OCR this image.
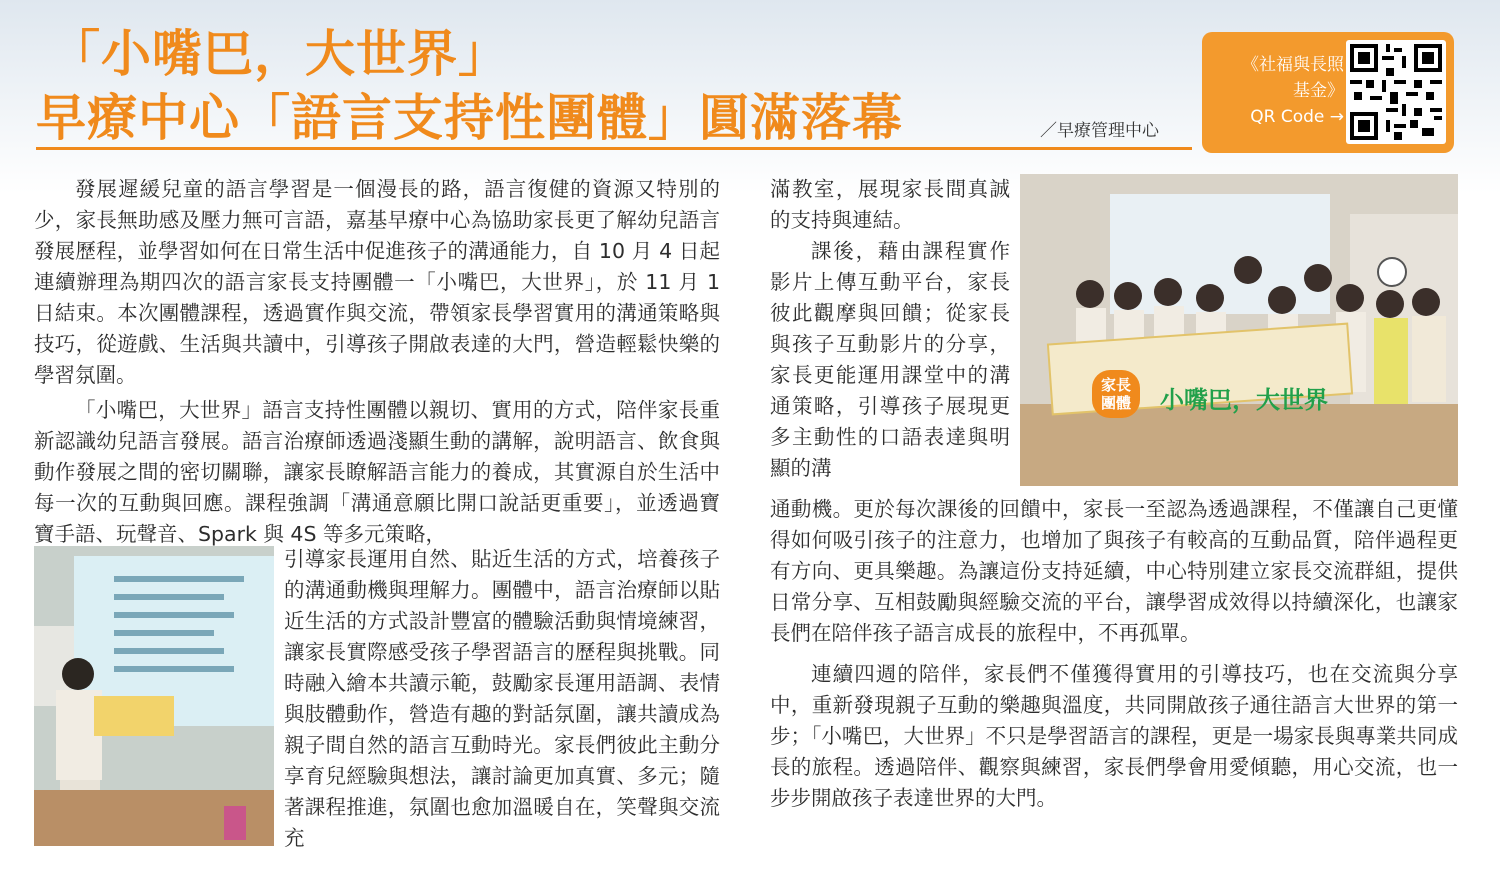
「小嘴巴，大世界」
早療中心「語言支持性團體」圓滿落幕	／早療管理中心
《社福與長照
基金》
QR Code →

發展遲緩兒童的語言學習是一個漫長的路，語言復健的資源又特別的少，家長無助感及壓力無可言語，嘉基早療中心為協助家長更了解幼兒語言發展歷程，並學習如何在日常生活中促進孩子的溝通能力，自 10 月 4 日起連續辦理為期四次的語言家長支持團體一「小嘴巴，大世界」，於 11 月 1 日結束。本次團體課程，透過實作與交流，帶領家長學習實用的溝通策略與技巧，從遊戲、生活與共讀中，引導孩子開啟表達的大門，營造輕鬆快樂的學習氛圍。

「小嘴巴，大世界」語言支持性團體以親切、實用的方式，陪伴家長重新認識幼兒語言發展。語言治療師透過淺顯生動的講解，說明語言、飲食與動作發展之間的密切關聯，讓家長瞭解語言能力的養成，其實源自於生活中每一次的互動與回應。課程強調「溝通意願比開口說話更重要」，並透過寶寶手語、玩聲音、Spark 與 4S 等多元策略，

引導家長運用自然、貼近生活的方式，培養孩子的溝通動機與理解力。團體中，語言治療師以貼近生活的方式設計豐富的體驗活動與情境練習，讓家長實際感受孩子學習語言的歷程與挑戰。同時融入繪本共讀示範，鼓勵家長運用語調、表情與肢體動作，營造有趣的對話氛圍，讓共讀成為親子間自然的語言互動時光。家長們彼此主動分享育兒經驗與想法，讓討論更加真實、多元；隨著課程推進，氛圍也愈加溫暖自在，笑聲與交流充

滿教室，展現家長間真誠的支持與連結。

課後，藉由課程實作影片上傳互動平台，家長彼此觀摩與回饋；從家長與孩子互動影片的分享，家長更能運用課堂中的溝通策略，引導孩子展現更多主動性的口語表達與明顯的溝

通動機。更於每次課後的回饋中，家長一至認為透過課程，不僅讓自己更懂得如何吸引孩子的注意力，也增加了與孩子有較高的互動品質，陪伴過程更有方向、更具樂趣。為讓這份支持延續，中心特別建立家長交流群組，提供日常分享、互相鼓勵與經驗交流的平台，讓學習成效得以持續深化，也讓家長們在陪伴孩子語言成長的旅程中，不再孤單。

連續四週的陪伴，家長們不僅獲得實用的引導技巧，也在交流與分享中，重新發現親子互動的樂趣與溫度，共同開啟孩子通往語言大世界的第一步；「小嘴巴，大世界」不只是學習語言的課程，更是一場家長與專業共同成長的旅程。透過陪伴、觀察與練習，家長們學會用愛傾聽，用心交流，也一步步開啟孩子表達世界的大門。

小嘴巴，大世界
家長團體
